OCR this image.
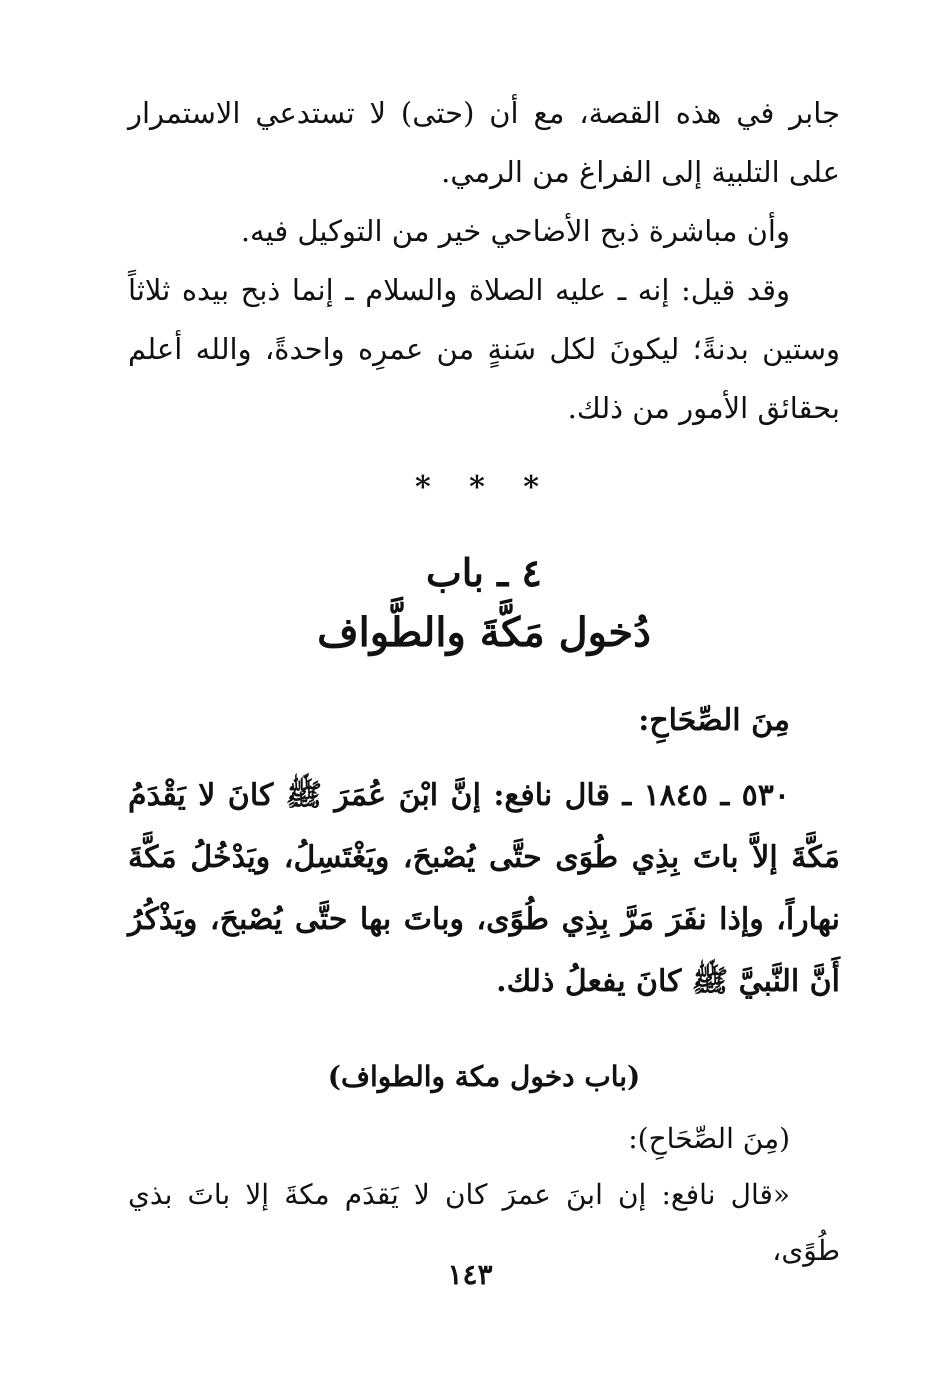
جابر في هذه القصة، مع أن (حتى) لا تستدعي الاستمرار على التلبية إلى الفراغ من الرمي.

وأن مباشرة ذبح الأضاحي خير من التوكيل فيه.

وقد قيل: إنه ـ عليه الصلاة والسلام ـ إنما ذبح بيده ثلاثاً وستين بدنةً؛ ليكونَ لكل سَنةٍ من عمرِه واحدةً، والله أعلم بحقائق الأمور من ذلك.

* * *
٤ ـ باب
دُخول مَكَّةَ والطَّواف

مِنَ الصِّحَاحِ:

٥٣٠ ـ ١٨٤٥ ـ قال نافع: إنَّ ابْنَ عُمَرَ ﷺ كانَ لا يَقْدَمُ مَكَّةَ إلاَّ باتَ بِذِي طُوَى حتَّى يُصْبحَ، ويَغْتَسِلُ، ويَدْخُلُ مَكَّةَ نهاراً، وإذا نفَرَ مَرَّ بِذِي طُوًى، وباتَ بها حتَّى يُصْبحَ، ويَذْكُرُ أَنَّ النَّبيَّ ﷺ كانَ يفعلُ ذلك.

(باب دخول مكة والطواف)

(مِنَ الصِّحَاحِ):

«قال نافع: إن ابنَ عمرَ كان لا يَقدَم مكةَ إلا باتَ بذي طُوًى،

١٤٣
